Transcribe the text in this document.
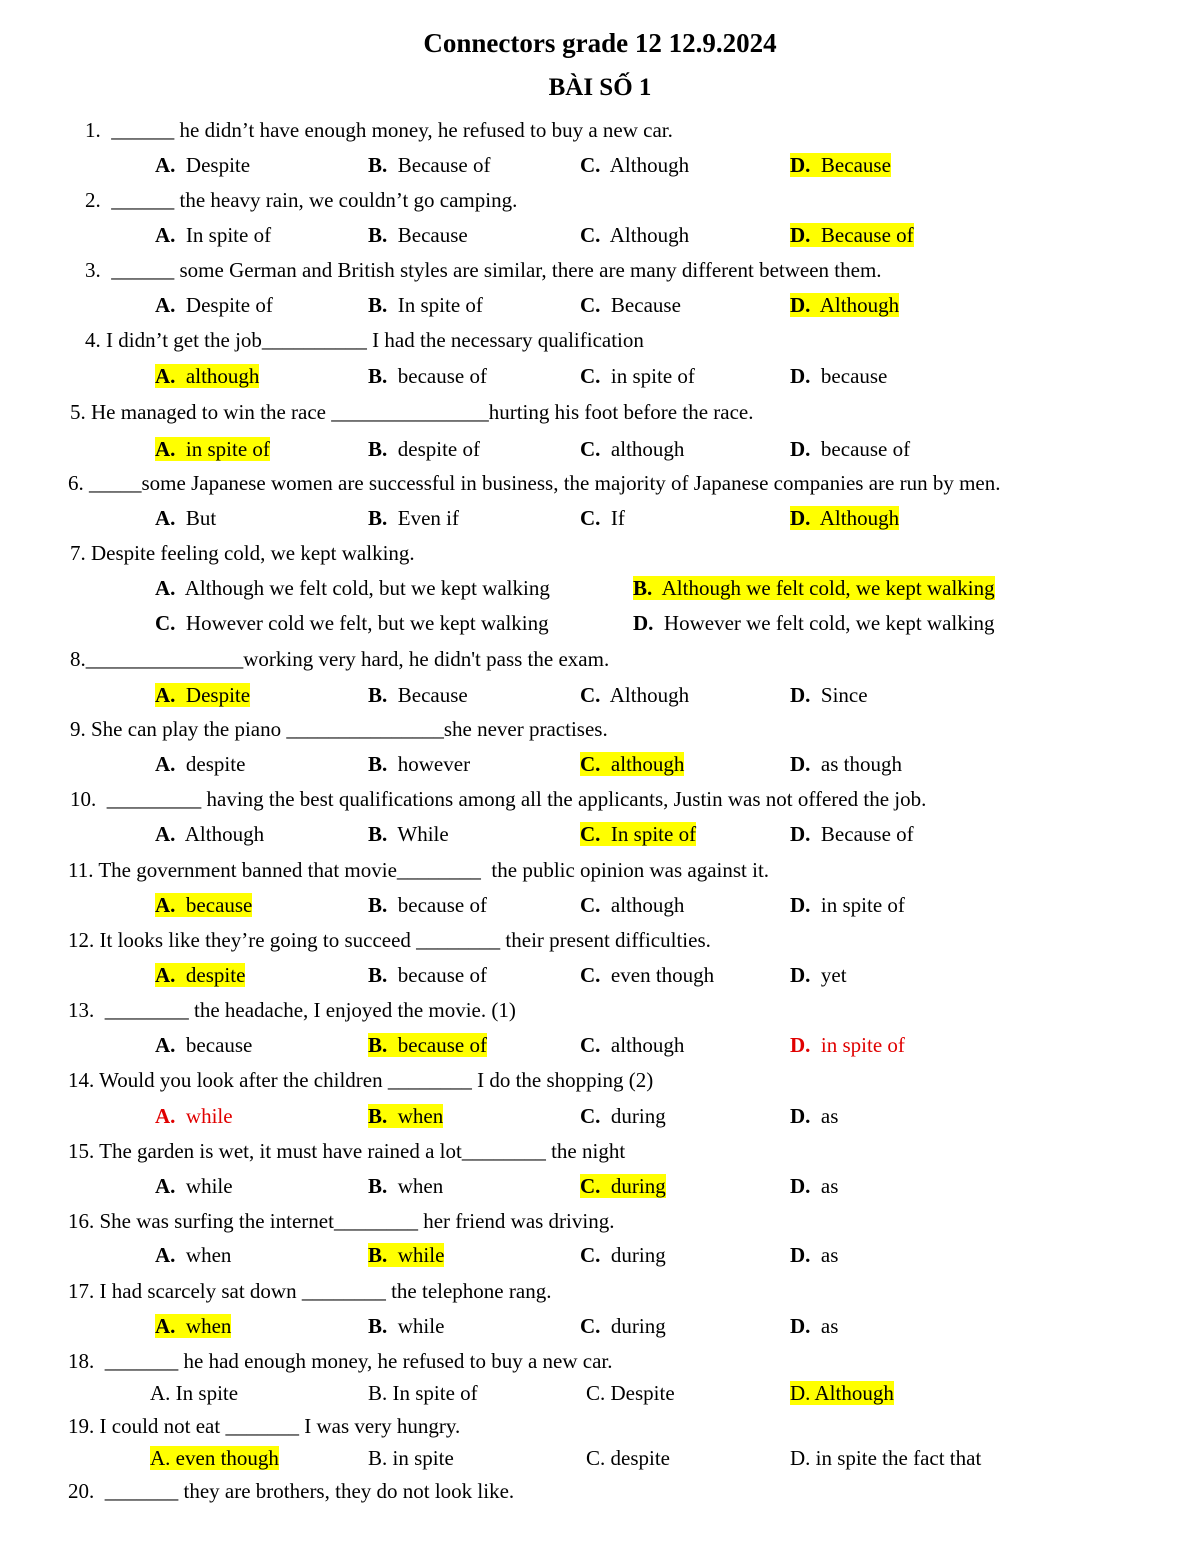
Connectors grade 12 12.9.2024
BÀI SỐ 1
1.  ______ he didn’t have enough money, he refused to buy a new car.
A. Despite	B. Because of	C. Although	D. Because
2.  ______ the heavy rain, we couldn’t go camping.
A. In spite of	B. Because	C. Although	D. Because of
3.  ______ some German and British styles are similar, there are many different between them.
A. Despite of	B. In spite of	C. Because	D. Although
4. I didn’t get the job__________ I had the necessary qualification
A. although	B. because of	C. in spite of	D. because
5. He managed to win the race _______________hurting his foot before the race.
A. in spite of	B. despite of	C. although	D. because of
6. _____some Japanese women are successful in business, the majority of Japanese companies are run by men.
A. But	B. Even if	C. If	D. Although
7. Despite feeling cold, we kept walking.
A. Although we felt cold, but we kept walking	B. Although we felt cold, we kept walking
C. However cold we felt, but we kept walking	D. However we felt cold, we kept walking
8._______________working very hard, he didn't pass the exam.
A. Despite	B. Because	C. Although	D. Since
9. She can play the piano _______________she never practises.
A. despite	B. however	C. although	D. as though
10.  _________ having the best qualifications among all the applicants, Justin was not offered the job.
A. Although	B. While	C. In spite of	D. Because of
11. The government banned that movie________  the public opinion was against it.
A. because	B. because of	C. although	D. in spite of
12. It looks like they’re going to succeed ________ their present difficulties.
A. despite	B. because of	C. even though	D. yet
13.  ________ the headache, I enjoyed the movie. (1)
A. because	B. because of	C. although	D. in spite of
14. Would you look after the children ________ I do the shopping (2)
A. while	B. when	C. during	D. as
15. The garden is wet, it must have rained a lot________ the night
A. while	B. when	C. during	D. as
16. She was surfing the internet________ her friend was driving.
A. when	B. while	C. during	D. as
17. I had scarcely sat down ________ the telephone rang.
A. when	B. while	C. during	D. as
18.  _______ he had enough money, he refused to buy a new car.
A. In spite	B. In spite of	C. Despite	D. Although
19. I could not eat _______ I was very hungry.
A. even though	B. in spite	C. despite	D. in spite the fact that
20.  _______ they are brothers, they do not look like.
